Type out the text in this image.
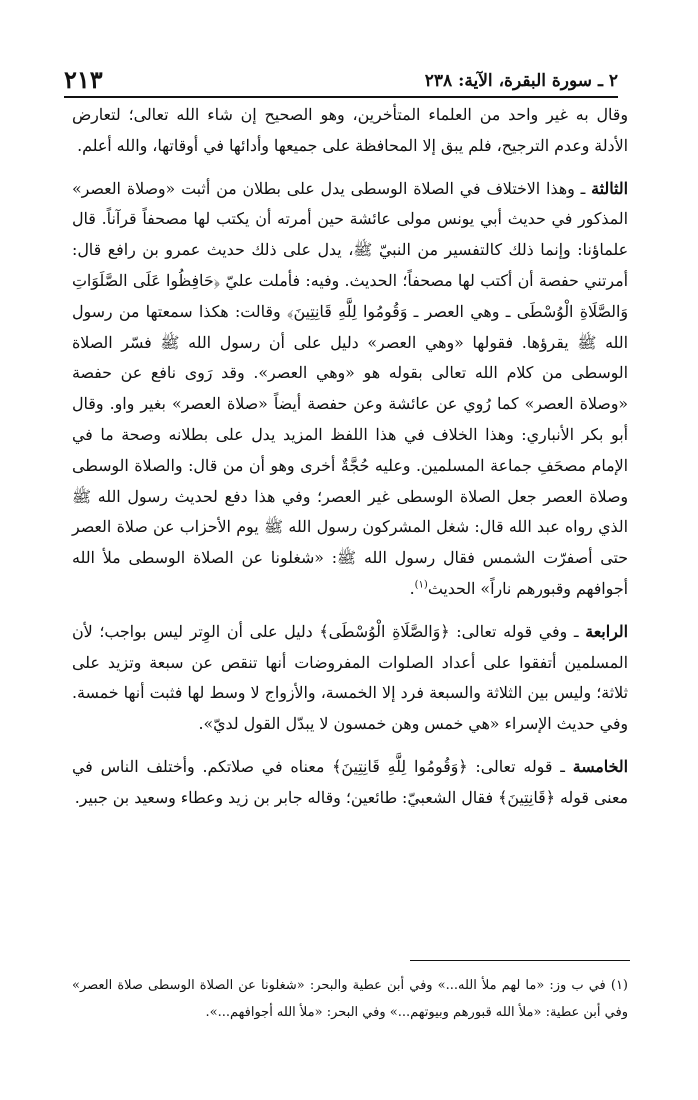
٢ ـ سورة البقرة، الآية: ٢٣٨
٢١٣

وقال به غير واحد من العلماء المتأخرين، وهو الصحيح إن شاء الله تعالى؛ لتعارض الأدلة وعدم الترجيح، فلم يبق إلا المحافظة على جميعها وأدائها في أوقاتها، والله أعلم.

الثالثة ـ وهذا الاختلاف في الصلاة الوسطى يدل على بطلان من أثبت «وصلاة العصر» المذكور في حديث أبي يونس مولى عائشة حين أمرته أن يكتب لها مصحفاً قرآناً. قال علماؤنا: وإنما ذلك كالتفسير من النبيّ ﷺ، يدل على ذلك حديث عمرو بن رافع قال: أمرتني حفصة أن أكتب لها مصحفاً؛ الحديث. وفيه: فأملت عليّ ﴿حَافِظُوا عَلَى الصَّلَوَاتِ وَالصَّلَاةِ الْوُسْطَى ـ وهي العصر ـ وَقُومُوا لِلَّهِ قَانِتِينَ﴾ وقالت: هكذا سمعتها من رسول الله ﷺ يقرؤها. فقولها «وهي العصر» دليل على أن رسول الله ﷺ فسّر الصلاة الوسطى من كلام الله تعالى بقوله هو «وهي العصر». وقد رَوى نافع عن حفصة «وصلاة العصر» كما رُوي عن عائشة وعن حفصة أيضاً «صلاة العصر» بغير واو. وقال أبو بكر الأنباري: وهذا الخلاف في هذا اللفظ المزيد يدل على بطلانه وصحة ما في الإمام مصحَفِ جماعة المسلمين. وعليه حُجَّةٌ أخرى وهو أن من قال: والصلاة الوسطى وصلاة العصر جعل الصلاة الوسطى غير العصر؛ وفي هذا دفع لحديث رسول الله ﷺ الذي رواه عبد الله قال: شغل المشركون رسول الله ﷺ يوم الأحزاب عن صلاة العصر حتى أصفرّت الشمس فقال رسول الله ﷺ: «شغلونا عن الصلاة الوسطى ملأ الله أجوافهم وقبورهم ناراً» الحديث$^{(١)}$.

الرابعة ـ وفي قوله تعالى: ﴿وَالصَّلَاةِ الْوُسْطَى﴾ دليل على أن الوِتر ليس بواجب؛ لأن المسلمين أتفقوا على أعداد الصلوات المفروضات أنها تنقص عن سبعة وتزيد على ثلاثة؛ وليس بين الثلاثة والسبعة فرد إلا الخمسة، والأزواج لا وسط لها فثبت أنها خمسة. وفي حديث الإسراء «هي خمس وهن خمسون لا يبدّل القول لديّ».

الخامسة ـ قوله تعالى: ﴿وَقُومُوا لِلَّهِ قَانِتِينَ﴾ معناه في صلاتكم. وأختلف الناس في معنى قوله ﴿قَانِتِينَ﴾ فقال الشعبيّ: طائعين؛ وقاله جابر بن زيد وعطاء وسعيد بن جبير.

(١) في ب وز: «ما لهم ملأ الله...» وفي أبن عطية والبحر: «شغلونا عن الصلاة الوسطى صلاة العصر» وفي أبن عطية: «ملأ الله قبورهم وبيوتهم...» وفي البحر: «ملأ الله أجوافهم...».
